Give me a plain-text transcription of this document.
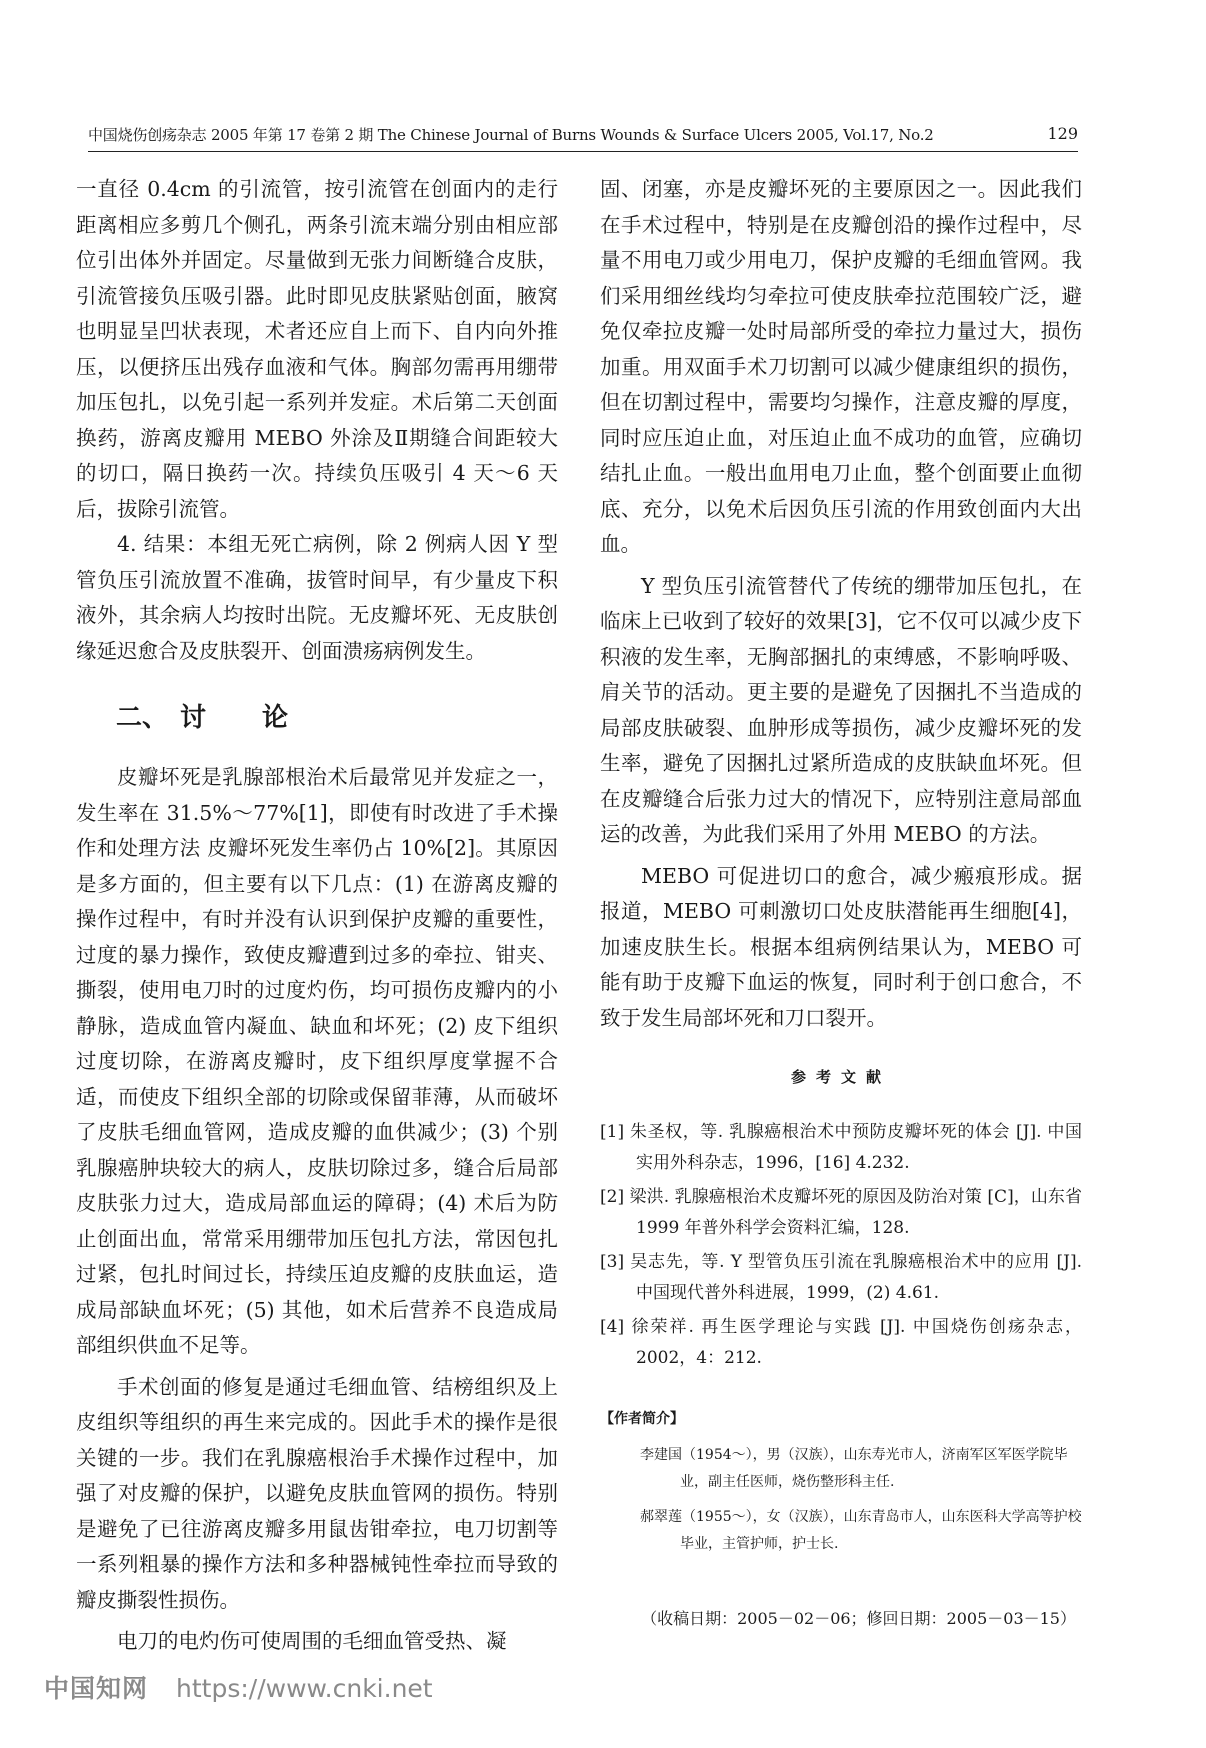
中国烧伤创疡杂志 2005 年第 17 卷第 2 期 The Chinese Journal of Burns Wounds & Surface Ulcers 2005, Vol.17, No.2	129

一直径 0.4cm 的引流管，按引流管在创面内的走行距离相应多剪几个侧孔，两条引流末端分别由相应部位引出体外并固定。尽量做到无张力间断缝合皮肤，引流管接负压吸引器。此时即见皮肤紧贴创面，腋窝也明显呈凹状表现，术者还应自上而下、自内向外推压，以便挤压出残存血液和气体。胸部勿需再用绷带加压包扎，以免引起一系列并发症。术后第二天创面换药，游离皮瓣用 MEBO 外涂及Ⅱ期缝合间距较大的切口，隔日换药一次。持续负压吸引 4 天～6 天后，拔除引流管。

4. 结果：本组无死亡病例，除 2 例病人因 Y 型管负压引流放置不准确，拔管时间早，有少量皮下积液外，其余病人均按时出院。无皮瓣坏死、无皮肤创缘延迟愈合及皮肤裂开、创面溃疡病例发生。

二、 讨 论

皮瓣坏死是乳腺部根治术后最常见并发症之一，发生率在 31.5%～77%[1]，即使有时改进了手术操作和处理方法 皮瓣坏死发生率仍占 10%[2]。其原因是多方面的，但主要有以下几点：(1) 在游离皮瓣的操作过程中，有时并没有认识到保护皮瓣的重要性，过度的暴力操作，致使皮瓣遭到过多的牵拉、钳夹、撕裂，使用电刀时的过度灼伤，均可损伤皮瓣内的小静脉，造成血管内凝血、缺血和坏死；(2) 皮下组织过度切除，在游离皮瓣时，皮下组织厚度掌握不合适，而使皮下组织全部的切除或保留菲薄，从而破坏了皮肤毛细血管网，造成皮瓣的血供减少；(3) 个别乳腺癌肿块较大的病人，皮肤切除过多，缝合后局部皮肤张力过大，造成局部血运的障碍；(4) 术后为防止创面出血，常常采用绷带加压包扎方法，常因包扎过紧，包扎时间过长，持续压迫皮瓣的皮肤血运，造成局部缺血坏死；(5) 其他，如术后营养不良造成局部组织供血不足等。

手术创面的修复是通过毛细血管、结榜组织及上皮组织等组织的再生来完成的。因此手术的操作是很关键的一步。我们在乳腺癌根治手术操作过程中，加强了对皮瓣的保护，以避免皮肤血管网的损伤。特别是避免了已往游离皮瓣多用鼠齿钳牵拉，电刀切割等一系列粗暴的操作方法和多种器械钝性牵拉而导致的瓣皮撕裂性损伤。

电刀的电灼伤可使周围的毛细血管受热、凝

固、闭塞，亦是皮瓣坏死的主要原因之一。因此我们在手术过程中，特别是在皮瓣创沿的操作过程中，尽量不用电刀或少用电刀，保护皮瓣的毛细血管网。我们采用细丝线均匀牵拉可使皮肤牵拉范围较广泛，避免仅牵拉皮瓣一处时局部所受的牵拉力量过大，损伤加重。用双面手术刀切割可以减少健康组织的损伤，但在切割过程中，需要均匀操作，注意皮瓣的厚度，同时应压迫止血，对压迫止血不成功的血管，应确切结扎止血。一般出血用电刀止血，整个创面要止血彻底、充分，以免术后因负压引流的作用致创面内大出血。

Y 型负压引流管替代了传统的绷带加压包扎，在临床上已收到了较好的效果[3]，它不仅可以减少皮下积液的发生率，无胸部捆扎的束缚感，不影响呼吸、肩关节的活动。更主要的是避免了因捆扎不当造成的局部皮肤破裂、血肿形成等损伤，减少皮瓣坏死的发生率，避免了因捆扎过紧所造成的皮肤缺血坏死。但在皮瓣缝合后张力过大的情况下，应特别注意局部血运的改善，为此我们采用了外用 MEBO 的方法。

MEBO 可促进切口的愈合，减少瘢痕形成。据报道，MEBO 可刺激切口处皮肤潜能再生细胞[4]，加速皮肤生长。根据本组病例结果认为，MEBO 可能有助于皮瓣下血运的恢复，同时利于创口愈合，不致于发生局部坏死和刀口裂开。

参考文献
[1] 朱圣权，等. 乳腺癌根治术中预防皮瓣坏死的体会 [J]. 中国实用外科杂志，1996，[16] 4.232.
[2] 梁洪. 乳腺癌根治术皮瓣坏死的原因及防治对策 [C]，山东省 1999 年普外科学会资料汇编，128.
[3] 吴志先，等. Y 型管负压引流在乳腺癌根治术中的应用 [J]. 中国现代普外科进展，1999，(2) 4.61.
[4] 徐荣祥. 再生医学理论与实践 [J]. 中国烧伤创疡杂志，2002，4：212.
【作者简介】
李建国（1954～），男（汉族），山东寿光市人，济南军区军医学院毕业，副主任医师，烧伤整形科主任.
郝翠莲（1955～），女（汉族），山东青岛市人，山东医科大学高等护校毕业，主管护师，护士长.
（收稿日期：2005－02－06；修回日期：2005－03－15）
中国知网 https://www.cnki.net
